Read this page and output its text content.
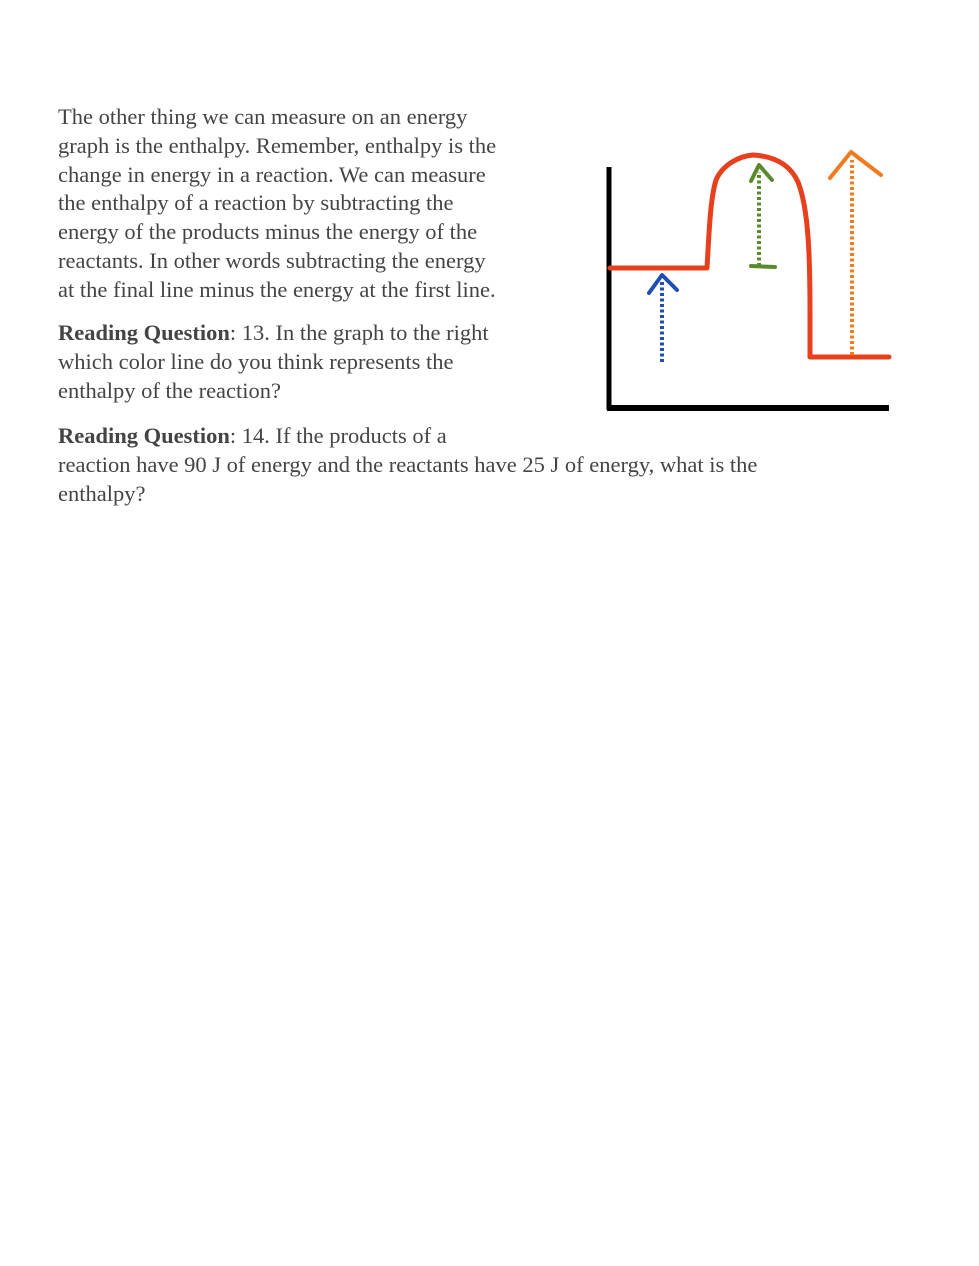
The other thing we can measure on an energy
graph is the enthalpy. Remember, enthalpy is the
change in energy in a reaction. We can measure
the enthalpy of a reaction by subtracting the
energy of the products minus the energy of the
reactants. In other words subtracting the energy
at the final line minus the energy at the first line.
Reading Question: 13. In the graph to the right
which color line do you think represents the
enthalpy of the reaction?
Reading Question: 14. If the products of a
reaction have 90 J of energy and the reactants have 25 J of energy, what is the
enthalpy?
